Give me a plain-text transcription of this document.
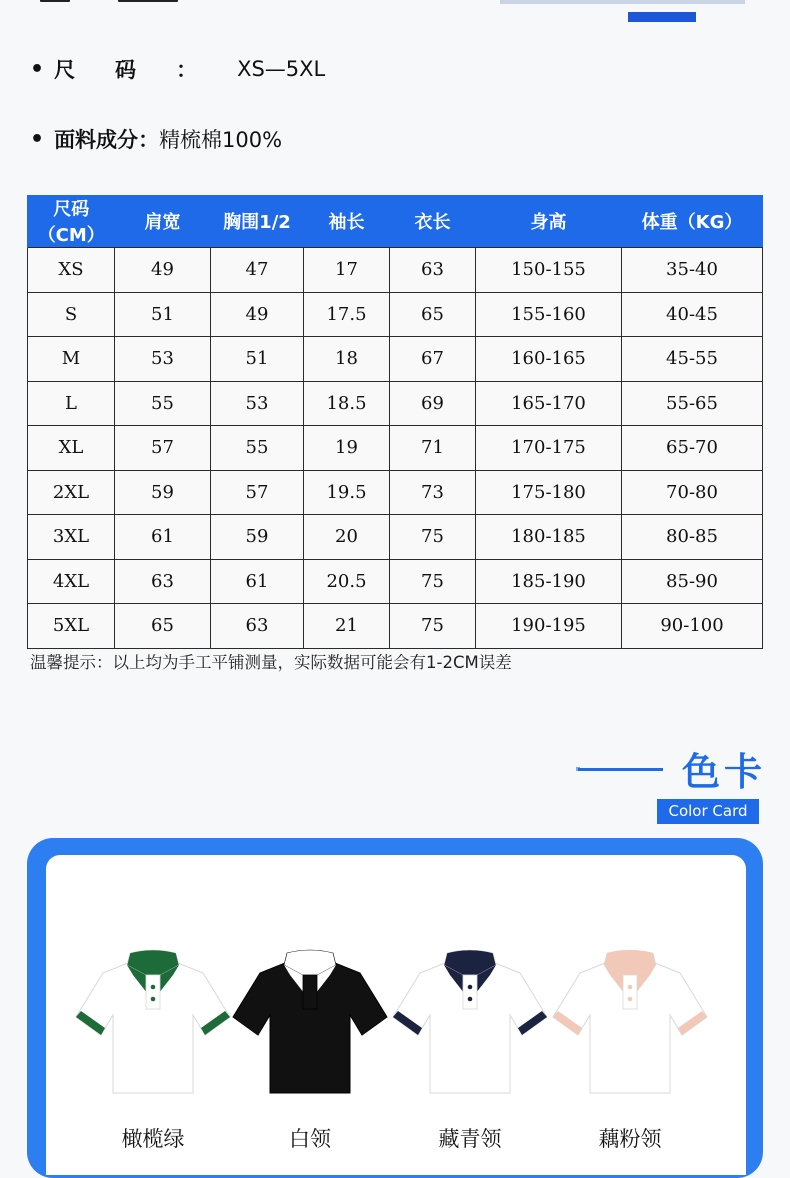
• 尺码 ： XS—5XL
• 面料成分 ： 精梳棉100%
尺码（CM）	肩宽	胸围1/2	袖长	衣长	身高	体重（KG）
XS	49	47	17	63	150-155	35-40
S	51	49	17.5	65	155-160	40-45
M	53	51	18	67	160-165	45-55
L	55	53	18.5	69	165-170	55-65
XL	57	55	19	71	170-175	65-70
2XL	59	57	19.5	73	175-180	70-80
3XL	61	59	20	75	180-185	80-85
4XL	63	61	20.5	75	185-190	85-90
5XL	65	63	21	75	190-195	90-100
温馨提示：以上均为手工平铺测量，实际数据可能会有1-2CM误差
色卡
Color Card
橄榄绿	白领	藏青领	藕粉领
